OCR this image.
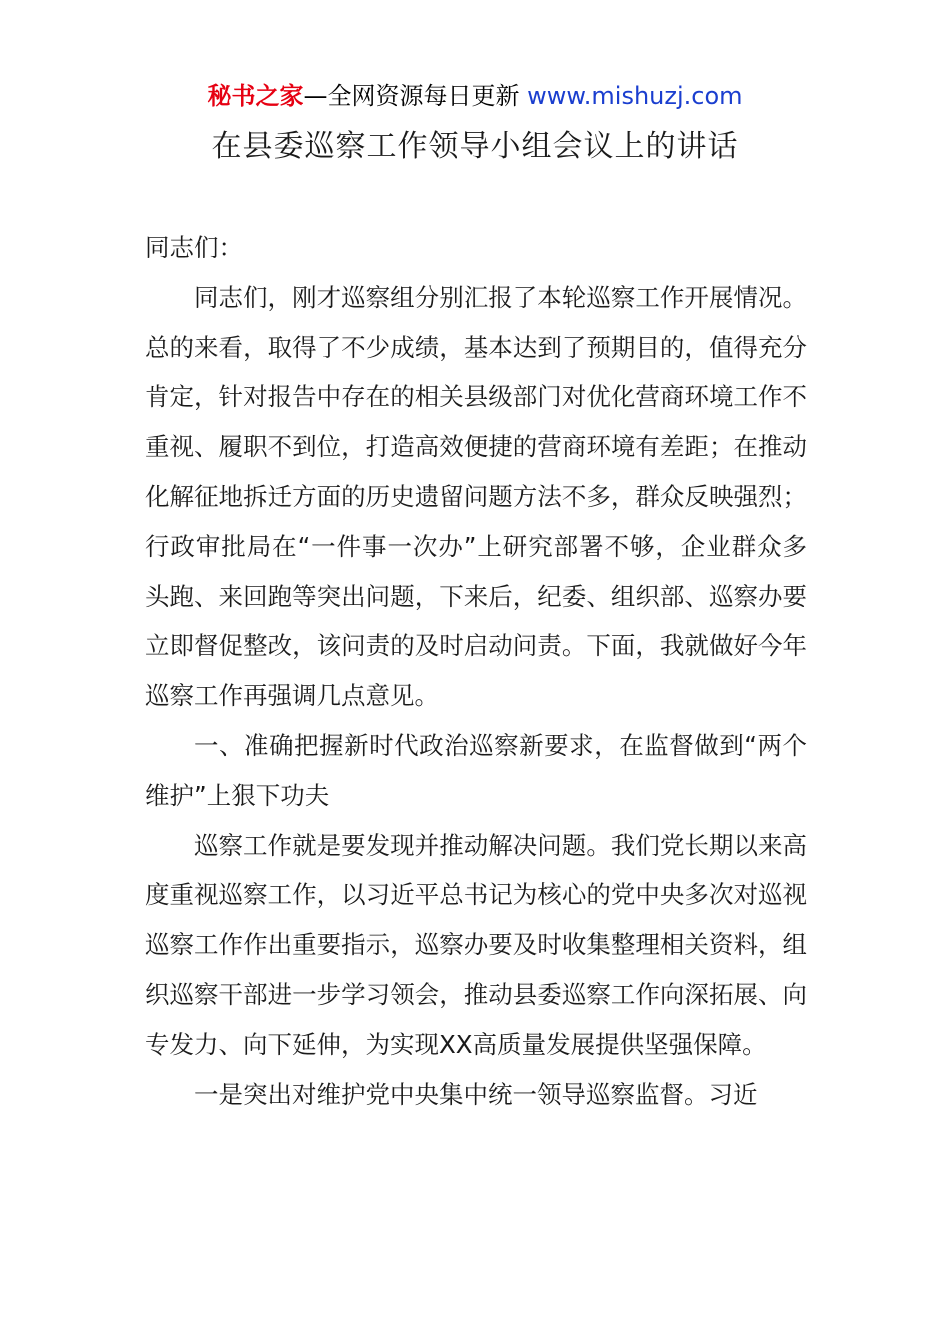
秘书之家—全网资源每日更新 www.mishuzj.com
在县委巡察工作领导小组会议上的讲话

同志们：

同志们，刚才巡察组分别汇报了本轮巡察工作开展情况。总的来看，取得了不少成绩，基本达到了预期目的，值得充分肯定，针对报告中存在的相关县级部门对优化营商环境工作不重视、履职不到位，打造高效便捷的营商环境有差距；在推动化解征地拆迁方面的历史遗留问题方法不多，群众反映强烈；行政审批局在“一件事一次办”上研究部署不够，企业群众多头跑、来回跑等突出问题，下来后，纪委、组织部、巡察办要立即督促整改，该问责的及时启动问责。下面，我就做好今年巡察工作再强调几点意见。

一、准确把握新时代政治巡察新要求，在监督做到“两个维护”上狠下功夫

巡察工作就是要发现并推动解决问题。我们党长期以来高度重视巡察工作，以习近平总书记为核心的党中央多次对巡视巡察工作作出重要指示，巡察办要及时收集整理相关资料，组织巡察干部进一步学习领会，推动县委巡察工作向深拓展、向专发力、向下延伸，为实现XX高质量发展提供坚强保障。

一是突出对维护党中央集中统一领导巡察监督。习近
